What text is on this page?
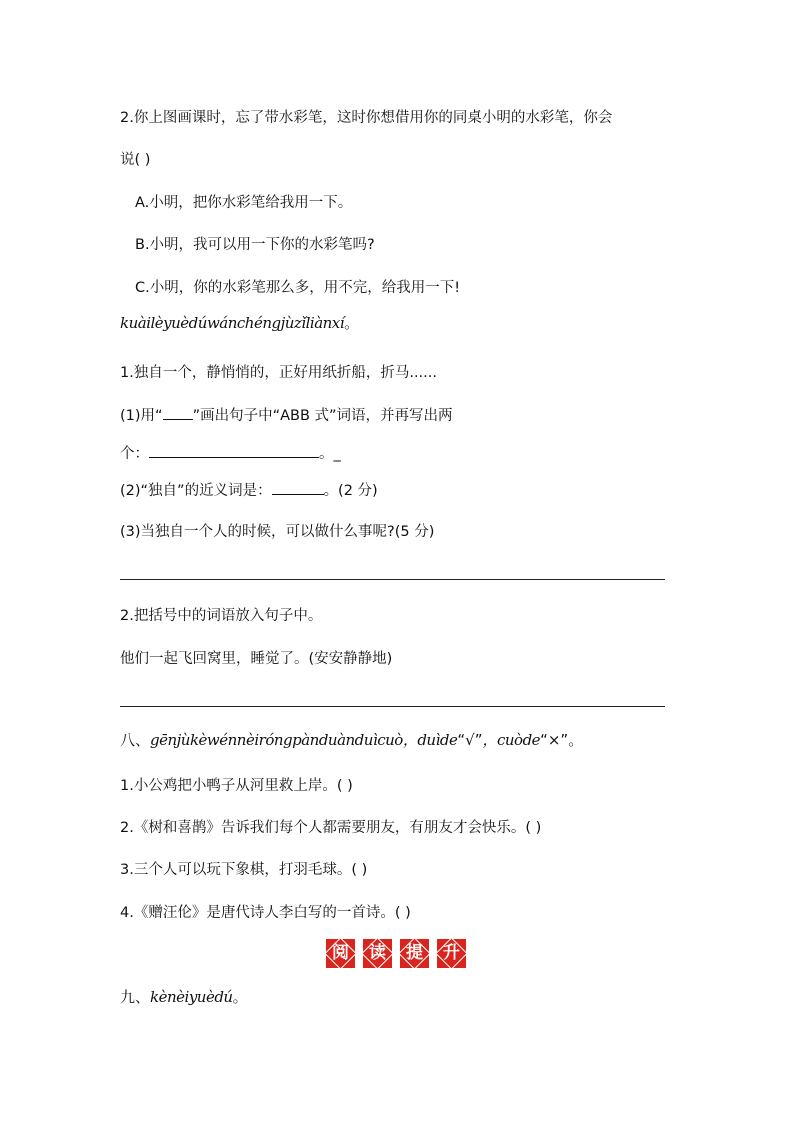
2.你上图画课时，忘了带水彩笔，这时你想借用你的同桌小明的水彩笔，你会
说( )
A.小明，把你水彩笔给我用一下。
B.小明，我可以用一下你的水彩笔吗?
C.小明，你的水彩笔那么多，用不完，给我用一下!
kuàilèyuèdúwánchéngjùzǐliànxí。
1.独自一个，静悄悄的，正好用纸折船，折马......
(1)用“ ”画出句子中“ABB 式”词语，并再写出两
个：	。_
(2)“独自”的近义词是：	。(2 分)
(3)当独自一个人的时候，可以做什么事呢?(5 分)
2.把括号中的词语放入句子中。
他们一起飞回窝里，睡觉了。(安安静静地)
八、gēnjùkèwénnèiróngpànduànduìcuò，duìde“√”，cuòde“×”。
1.小公鸡把小鸭子从河里救上岸。( )
2.《树和喜鹊》告诉我们每个人都需要朋友，有朋友才会快乐。( )
3.三个人可以玩下象棋，打羽毛球。( )
4.《赠汪伦》是唐代诗人李白写的一首诗。( )
阅	读	提	升
九、kènèiyuèdú。
